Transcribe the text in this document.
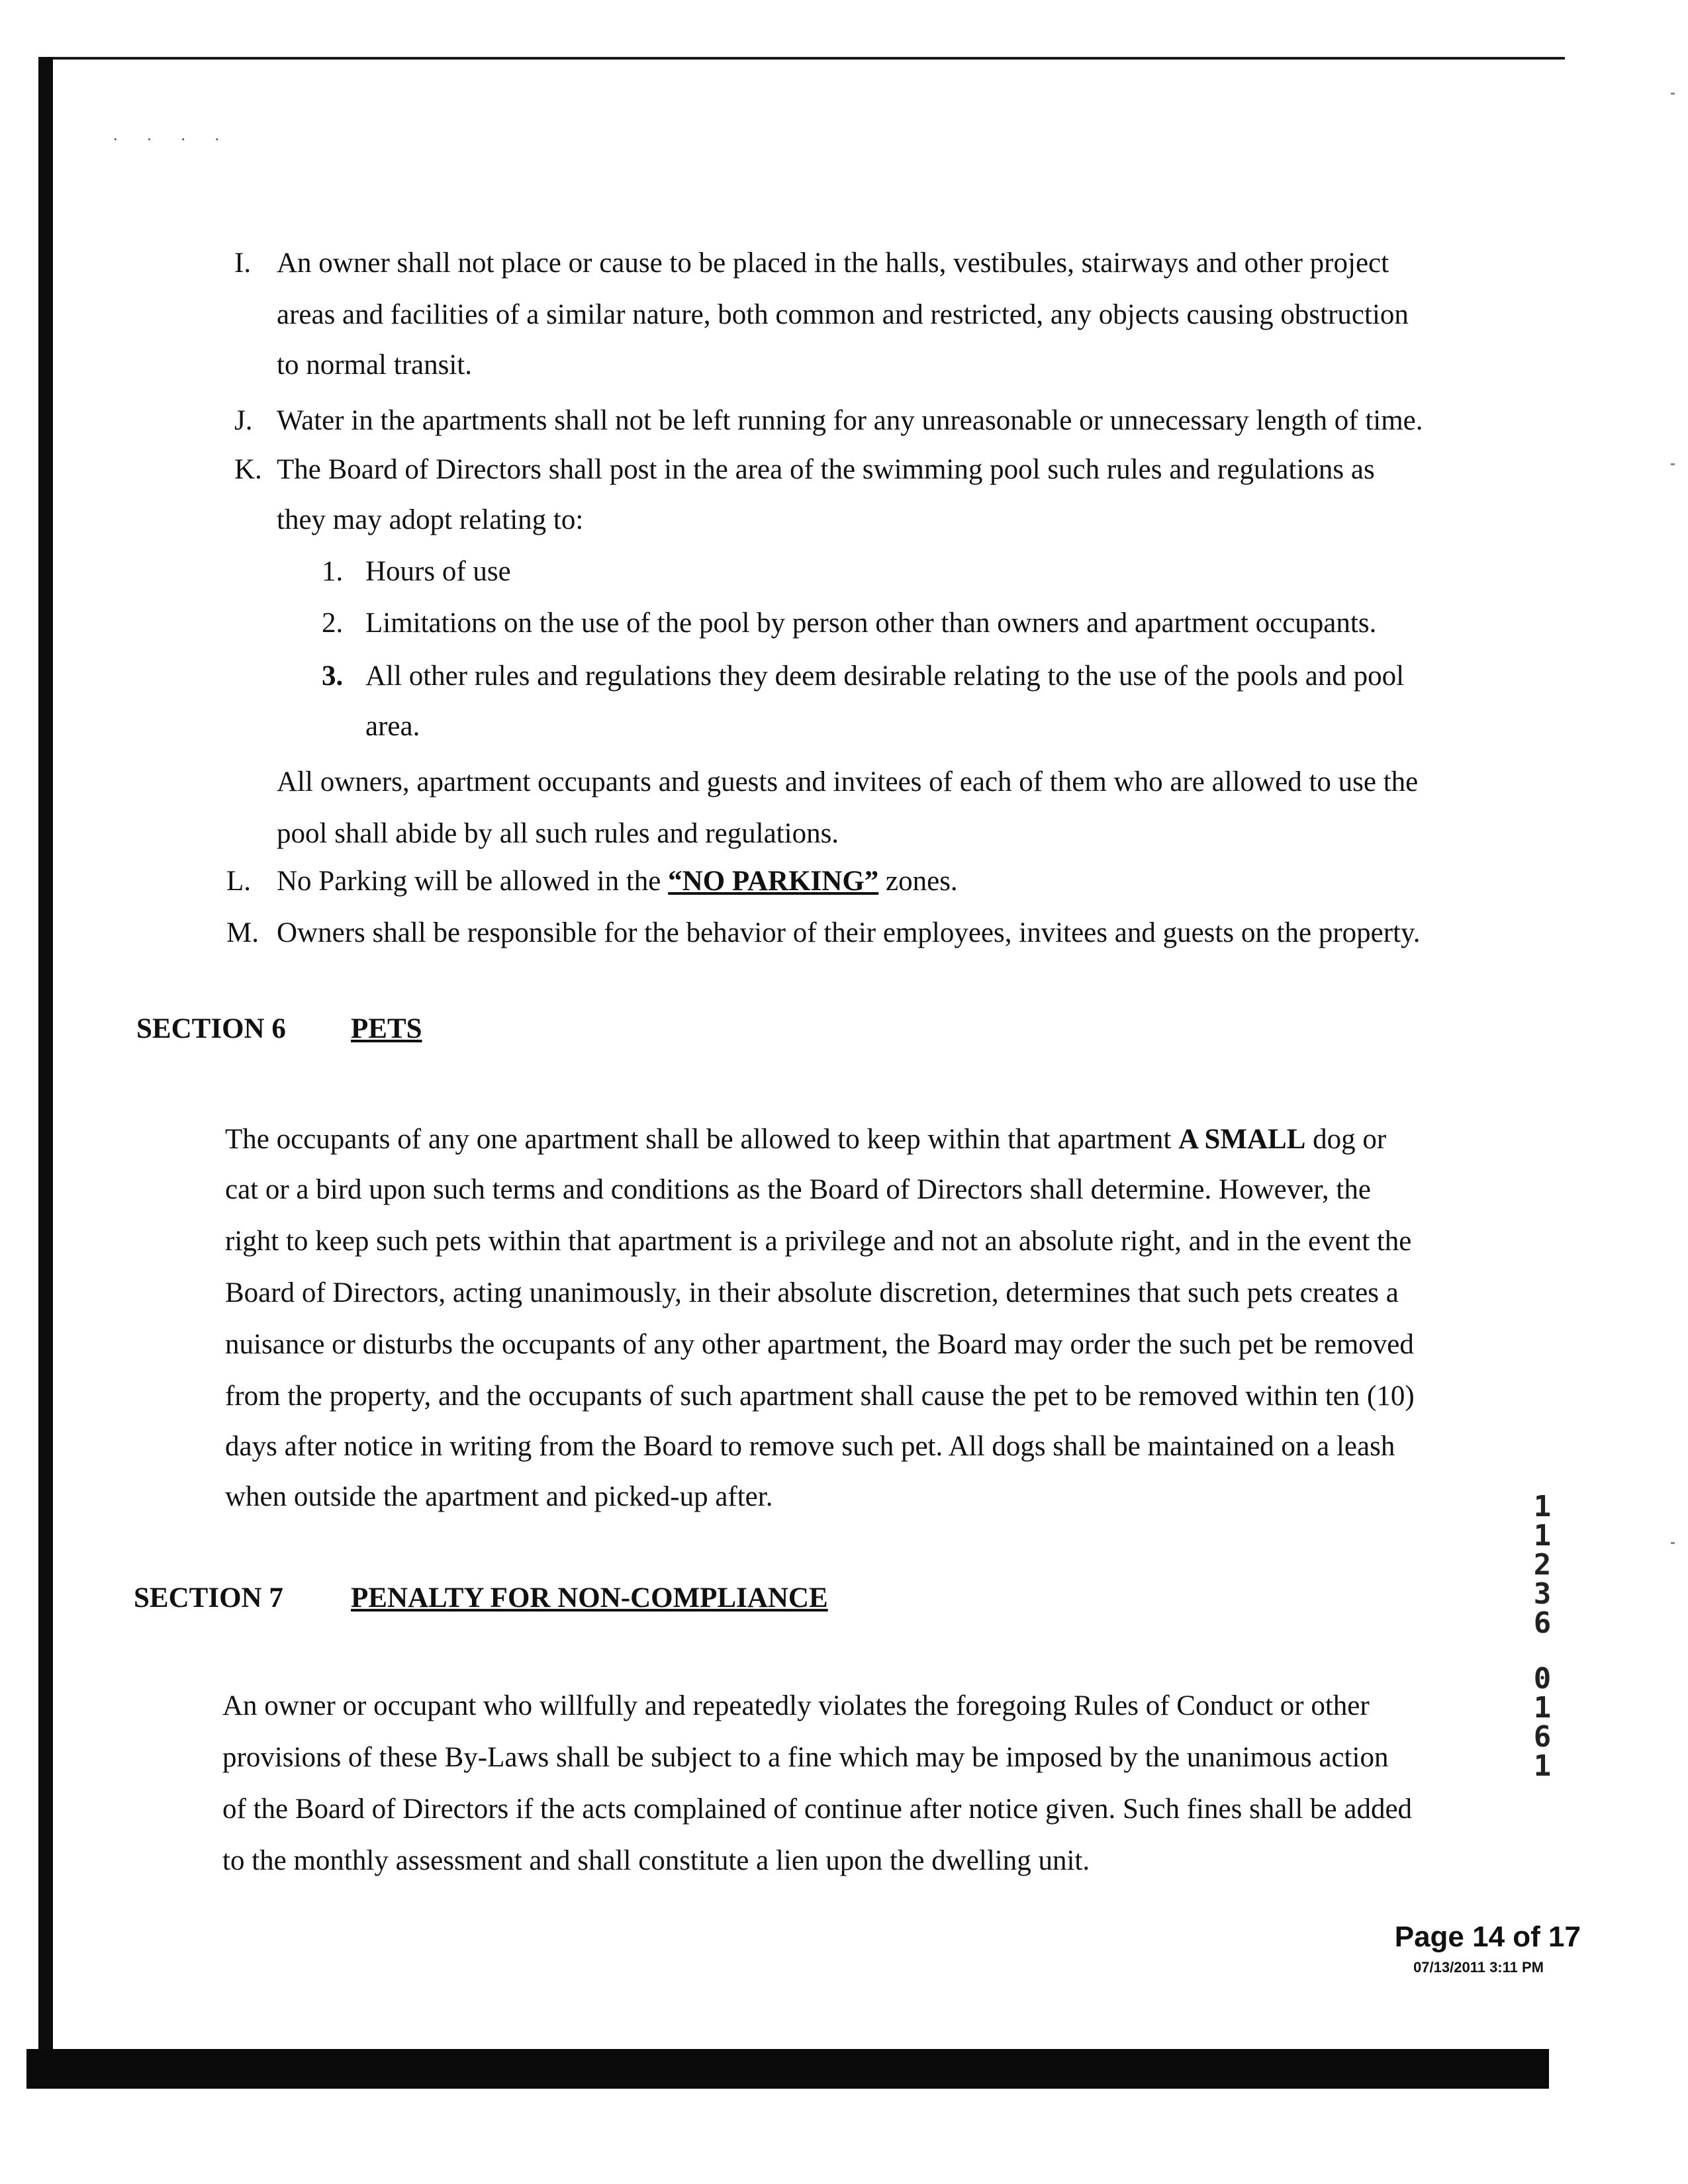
· · · ·
I. An owner shall not place or cause to be placed in the halls, vestibules, stairways and other project
areas and facilities of a similar nature, both common and restricted, any objects causing obstruction
to normal transit.
J. Water in the apartments shall not be left running for any unreasonable or unnecessary length of time.
K. The Board of Directors shall post in the area of the swimming pool such rules and regulations as
they may adopt relating to:
1. Hours of use
2. Limitations on the use of the pool by person other than owners and apartment occupants.
3. All other rules and regulations they deem desirable relating to the use of the pools and pool
area.
All owners, apartment occupants and guests and invitees of each of them who are allowed to use the
pool shall abide by all such rules and regulations.
L. No Parking will be allowed in the “NO PARKING” zones.
M. Owners shall be responsible for the behavior of their employees, invitees and guests on the property.
SECTION 6 PETS
The occupants of any one apartment shall be allowed to keep within that apartment A SMALL dog or
cat or a bird upon such terms and conditions as the Board of Directors shall determine. However, the
right to keep such pets within that apartment is a privilege and not an absolute right, and in the event the
Board of Directors, acting unanimously, in their absolute discretion, determines that such pets creates a
nuisance or disturbs the occupants of any other apartment, the Board may order the such pet be removed
from the property, and the occupants of such apartment shall cause the pet to be removed within ten (10)
days after notice in writing from the Board to remove such pet. All dogs shall be maintained on a leash
when outside the apartment and picked-up after.
SECTION 7 PENALTY FOR NON-COMPLIANCE
An owner or occupant who willfully and repeatedly violates the foregoing Rules of Conduct or other
provisions of these By-Laws shall be subject to a fine which may be imposed by the unanimous action
of the Board of Directors if the acts complained of continue after notice given. Such fines shall be added
to the monthly assessment and shall constitute a lien upon the dwelling unit.
1
1
2
3
6
0
1
6
1
Page 14 of 17
07/13/2011 3:11 PM
